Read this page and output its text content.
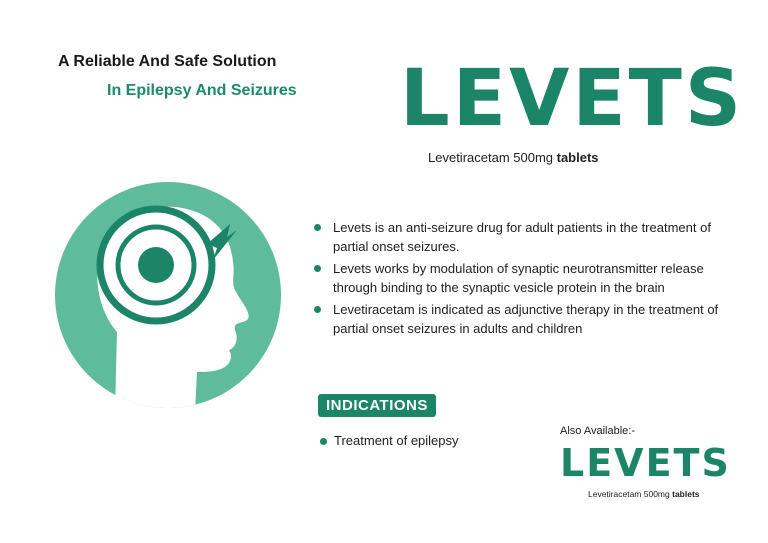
A Reliable And Safe Solution
In Epilepsy And Seizures LEVETS
Levetiracetam 500mg tablets
Levets is an anti-seizure drug for adult patients in the treatment of partial onset seizures.
Levets works by modulation of synaptic neurotransmitter release through binding to the synaptic vesicle protein in the brain
Levetiracetam is indicated as adjunctive therapy in the treatment of partial onset seizures in adults and children
INDICATIONS
Treatment of epilepsy
Also Available:-
LEVETS
Levetiracetam 500mg tablets
